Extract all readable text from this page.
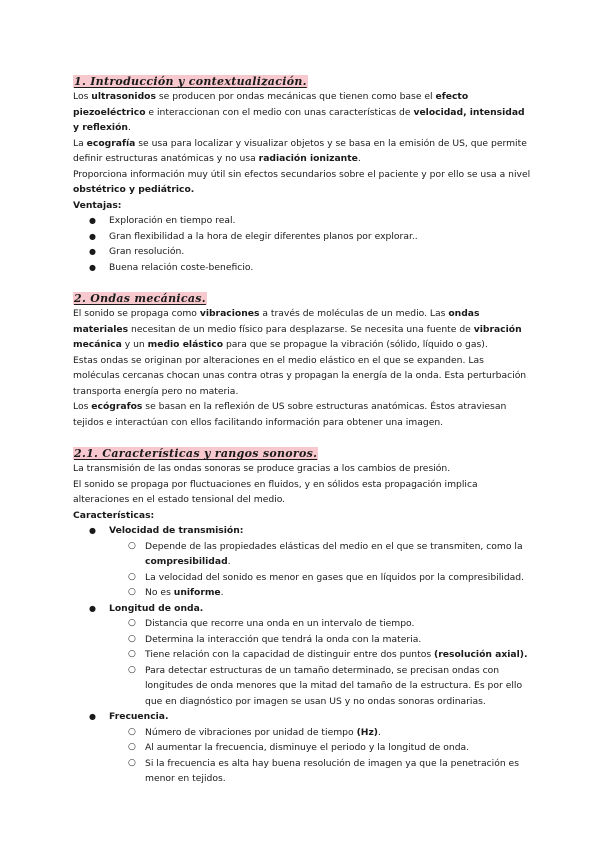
1. Introducción y contextualización.

Los ultrasonidos se producen por ondas mecánicas que tienen como base el efecto piezoeléctrico e interaccionan con el medio con unas características de velocidad, intensidad y reflexión.

La ecografía se usa para localizar y visualizar objetos y se basa en la emisión de US, que permite definir estructuras anatómicas y no usa radiación ionizante.

Proporciona información muy útil sin efectos secundarios sobre el paciente y por ello se usa a nivel obstétrico y pediátrico.

Ventajas:

● Exploración en tiempo real.
● Gran flexibilidad a la hora de elegir diferentes planos por explorar..
● Gran resolución.
● Buena relación coste-beneficio.
2. Ondas mecánicas.

El sonido se propaga como vibraciones a través de moléculas de un medio. Las ondas materiales necesitan de un medio físico para desplazarse. Se necesita una fuente de vibración mecánica y un medio elástico para que se propague la vibración (sólido, líquido o gas).

Estas ondas se originan por alteraciones en el medio elástico en el que se expanden. Las moléculas cercanas chocan unas contra otras y propagan la energía de la onda. Esta perturbación transporta energía pero no materia.

Los ecógrafos se basan en la reflexión de US sobre estructuras anatómicas. Éstos atraviesan tejidos e interactúan con ellos facilitando información para obtener una imagen.

2.1. Características y rangos sonoros.

La transmisión de las ondas sonoras se produce gracias a los cambios de presión.

El sonido se propaga por fluctuaciones en fluidos, y en sólidos esta propagación implica alteraciones en el estado tensional del medio.

Características:

● Velocidad de transmisión:
○ Depende de las propiedades elásticas del medio en el que se transmiten, como la compresibilidad.
○ La velocidad del sonido es menor en gases que en líquidos por la compresibilidad.
○ No es uniforme.
● Longitud de onda.
○ Distancia que recorre una onda en un intervalo de tiempo.
○ Determina la interacción que tendrá la onda con la materia.
○ Tiene relación con la capacidad de distinguir entre dos puntos (resolución axial).
○ Para detectar estructuras de un tamaño determinado, se precisan ondas con longitudes de onda menores que la mitad del tamaño de la estructura. Es por ello que en diagnóstico por imagen se usan US y no ondas sonoras ordinarias.
● Frecuencia.
○ Número de vibraciones por unidad de tiempo (Hz).
○ Al aumentar la frecuencia, disminuye el periodo y la longitud de onda.
○ Si la frecuencia es alta hay buena resolución de imagen ya que la penetración es menor en tejidos.
